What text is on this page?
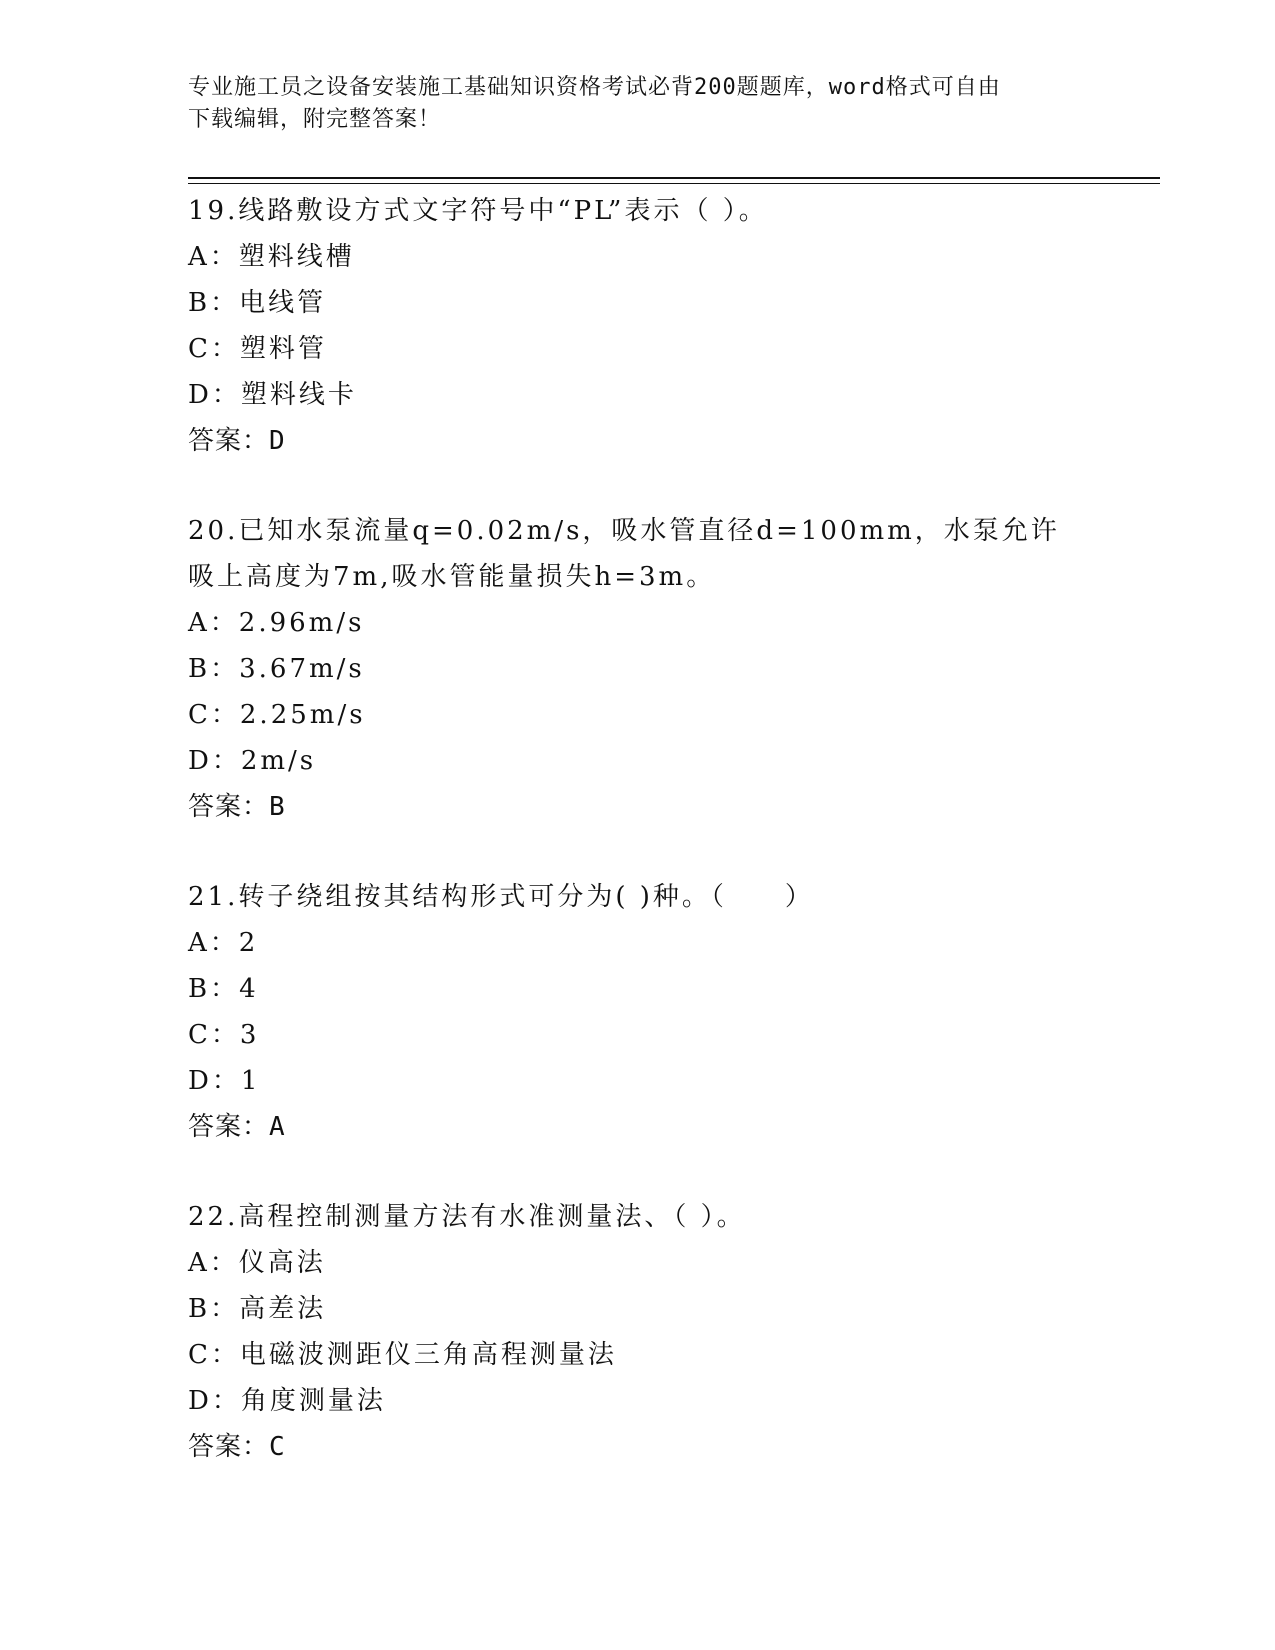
专业施工员之设备安装施工基础知识资格考试必背200题题库，word格式可自由
下载编辑，附完整答案！

19.线路敷设方式文字符号中“PL”表示（ ）。

A：塑料线槽

B：电线管

C：塑料管

D：塑料线卡

答案：D

20.已知水泵流量q=0.02m/s，吸水管直径d=100mm，水泵允许吸上高度为7m,吸水管能量损失h=3m。

A：2.96m/s

B：3.67m/s

C：2.25m/s

D：2m/s

答案：B

21.转子绕组按其结构形式可分为( )种。（　　）

A：2

B：4

C：3

D：1

答案：A

22.高程控制测量方法有水准测量法、（ ）。

A：仪高法

B：高差法

C：电磁波测距仪三角高程测量法

D：角度测量法

答案：C
